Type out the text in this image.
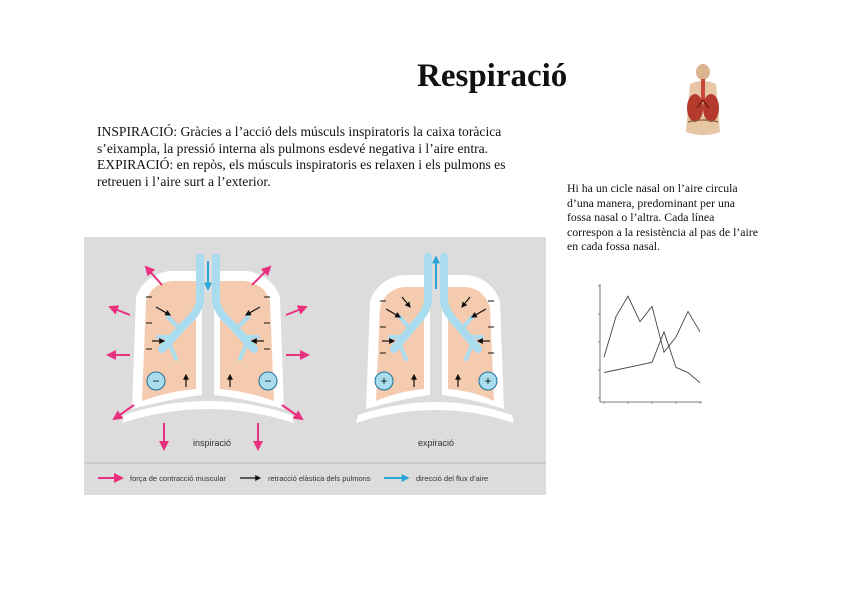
Respiració

INSPIRACIÓ: Gràcies a l’acció dels músculs inspiratoris la caixa toràcica s’eixampla, la pressió interna als pulmons esdevé negativa i l’aire entra.

EXPIRACIÓ: en repòs, els músculs inspiratoris es relaxen i els pulmons es retreuen i l’aire surt a l’exterior.	Hi ha un cicle nasal on l’aire circula d’una manera, predominant per una fossa nasal o l’altra. Cada línea correspon a la resistència al pas de l’aire en cada fossa nasal.
−	−
inspiració
+	+
expiració
força de contracció muscular	retracció elàstica dels pulmons	direcció del flux d’aire
